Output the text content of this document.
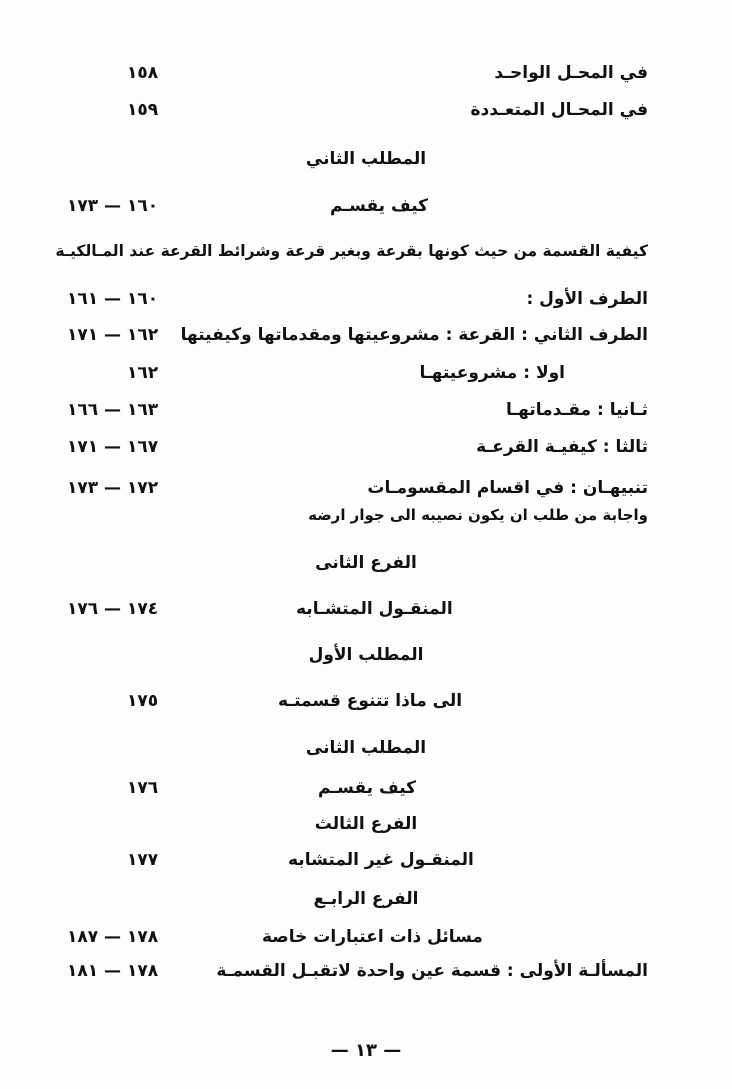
في المحـل الواحـد
١٥٨
في المحـال المتعـددة
١٥٩
المطلب الثاني
كيف يقسـم
١٦٠ — ١٧٣
كيفية القسمة من حيث كونها بقرعة وبغير قرعة وشرائط القرعة عند المـالكيـة
الطرف الأول :
١٦٠ — ١٦١
الطرف الثاني : القرعة : مشروعيتها ومقدماتها وكيفيتها
١٦٢ — ١٧١
اولا : مشروعيتهـا
١٦٢
ثـانيا : مقـدماتهـا
١٦٣ — ١٦٦
ثالثا : كيفيـة القرعـة
١٦٧ — ١٧١
تنبيهـان : في اقسام المقسومـات
١٧٢ — ١٧٣
واجابة من طلب ان يكون نصيبه الى جوار ارضه
الفرع الثانى
المنقـول المتشـابه
١٧٤ — ١٧٦
المطلب الأول
الى ماذا تتنوع قسمتـه
١٧٥
المطلب الثانى
كيف يقسـم
١٧٦
الفرع الثالث
المنقـول غير المتشابه
١٧٧
الفرع الرابـع
مسائل ذات اعتبارات خاصة
١٧٨ — ١٨٧
المسألـة الأولى : قسمة عين واحدة لاتقبـل القسمـة
١٧٨ — ١٨١
— ١٣ —
